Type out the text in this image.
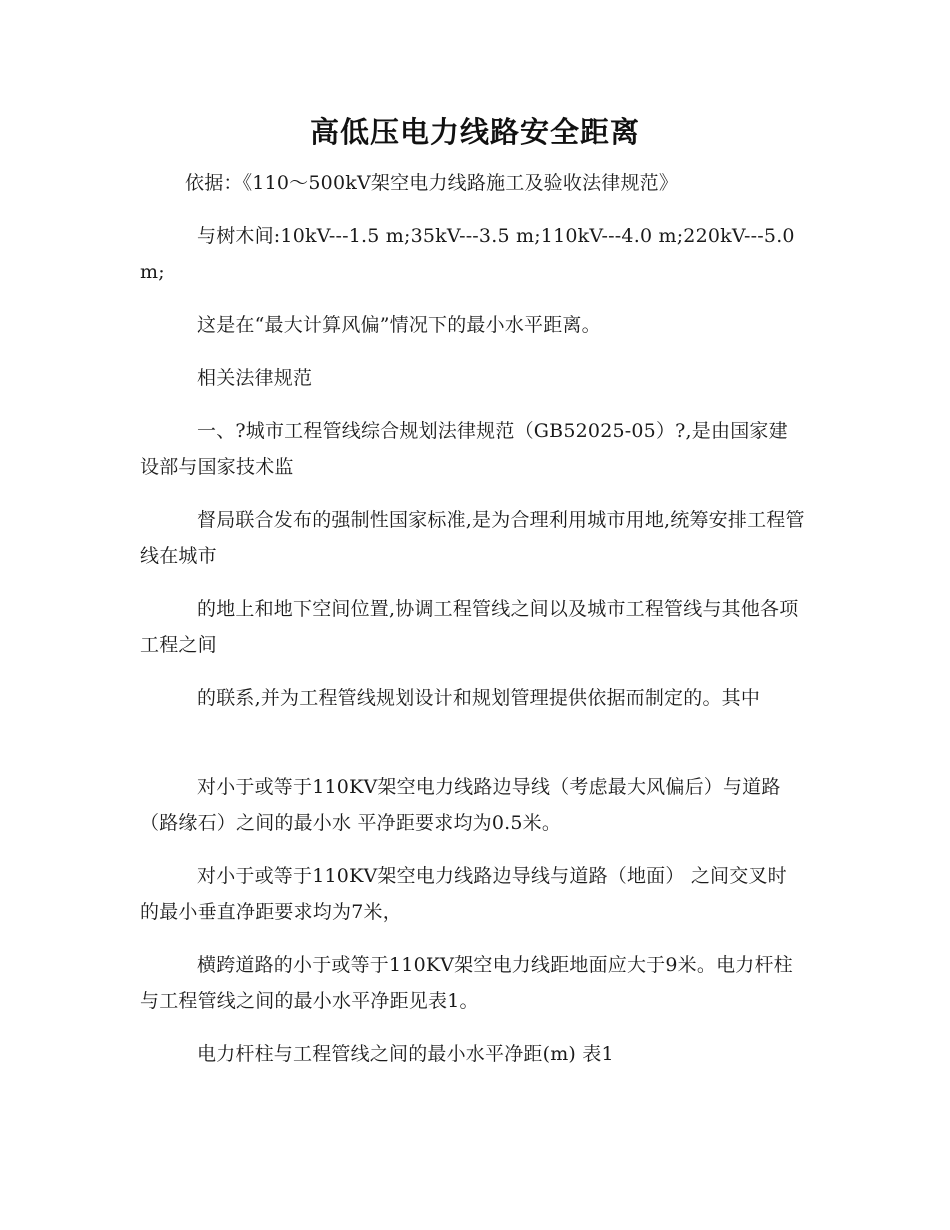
高低压电力线路安全距离

依据：《110～500kV架空电力线路施工及验收法律规范》

与树木间:10kV---1.5 m;35kV---3.5 m;110kV---4.0 m;220kV---5.0 m;

这是在“最大计算风偏”情况下的最小水平距离。

相关法律规范

一、?城市工程管线综合规划法律规范（GB52025-05）?,是由国家建设部与国家技术监

督局联合发布的强制性国家标准,是为合理利用城市用地,统筹安排工程管线在城市

的地上和地下空间位置,协调工程管线之间以及城市工程管线与其他各项工程之间

的联系,并为工程管线规划设计和规划管理提供依据而制定的。其中

对小于或等于110KV架空电力线路边导线（考虑最大风偏后）与道路（路缘石）之间的最小水 平净距要求均为0.5米。

对小于或等于110KV架空电力线路边导线与道路（地面） 之间交叉时的最小垂直净距要求均为7米，

横跨道路的小于或等于110KV架空电力线距地面应大于9米。电力杆柱与工程管线之间的最小水平净距见表1。

电力杆柱与工程管线之间的最小水平净距(m) 表1
